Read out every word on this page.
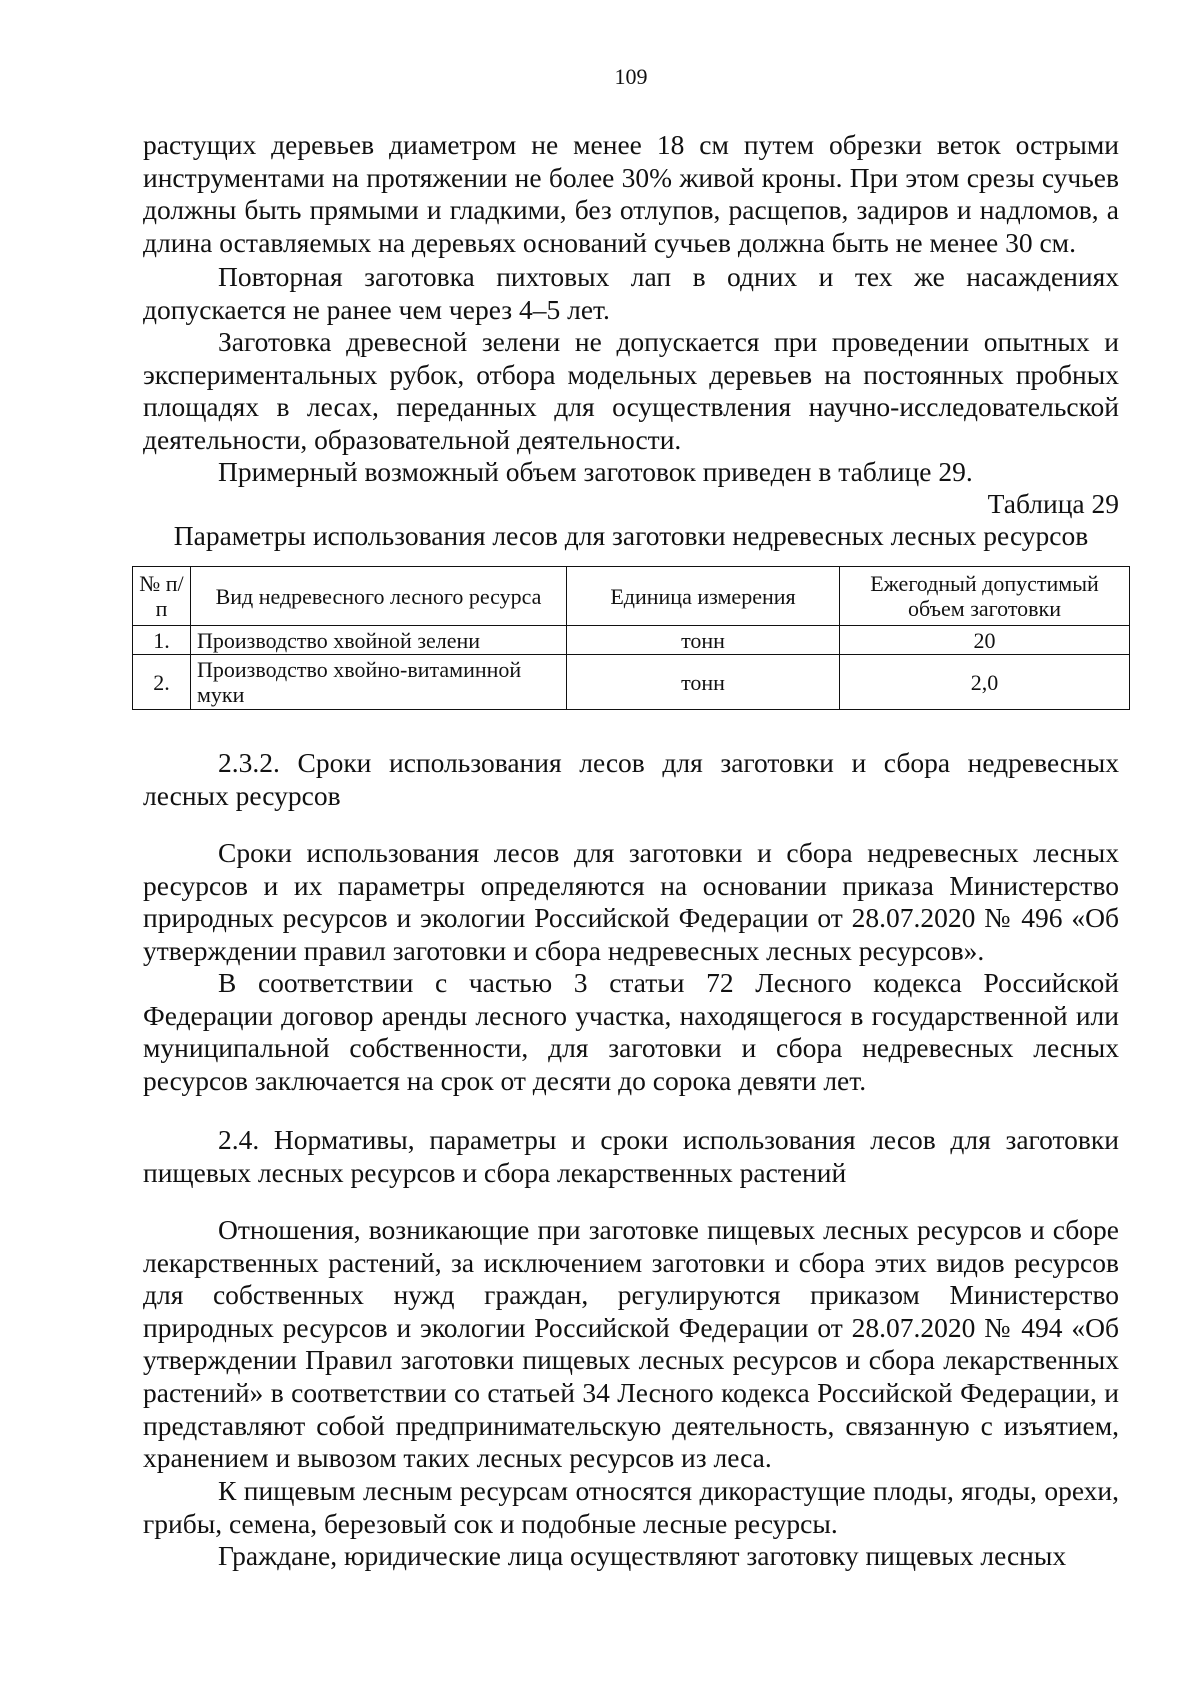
109

растущих деревьев диаметром не менее 18 см путем обрезки веток острыми инструментами на протяжении не более 30% живой кроны. При этом срезы сучьев должны быть прямыми и гладкими, без отлупов, расщепов, задиров и надломов, а длина оставляемых на деревьях оснований сучьев должна быть не менее 30 см.

Повторная заготовка пихтовых лап в одних и тех же насаждениях допускается не ранее чем через 4–5 лет.

Заготовка древесной зелени не допускается при проведении опытных и экспериментальных рубок, отбора модельных деревьев на постоянных пробных площадях в лесах, переданных для осуществления научно-исследовательской деятельности, образовательной деятельности.

Примерный возможный объем заготовок приведен в таблице 29.

Таблица 29
Параметры использования лесов для заготовки недревесных лесных ресурсов
№ п/п	Вид недревесного лесного ресурса	Единица измерения	Ежегодный допустимый объем заготовки
1.	Производство хвойной зелени	тонн	20
2.	Производство хвойно-витаминной муки	тонн	2,0

2.3.2. Сроки использования лесов для заготовки и сбора недревесных лесных ресурсов

Сроки использования лесов для заготовки и сбора недревесных лесных ресурсов и их параметры определяются на основании приказа Министерство природных ресурсов и экологии Российской Федерации от 28.07.2020 № 496 «Об утверждении правил заготовки и сбора недревесных лесных ресурсов».

В соответствии с частью 3 статьи 72 Лесного кодекса Российской Федерации договор аренды лесного участка, находящегося в государственной или муниципальной собственности, для заготовки и сбора недревесных лесных ресурсов заключается на срок от десяти до сорока девяти лет.

2.4. Нормативы, параметры и сроки использования лесов для заготовки пищевых лесных ресурсов и сбора лекарственных растений

Отношения, возникающие при заготовке пищевых лесных ресурсов и сборе лекарственных растений, за исключением заготовки и сбора этих видов ресурсов для собственных нужд граждан, регулируются приказом Министерство природных ресурсов и экологии Российской Федерации от 28.07.2020 № 494 «Об утверждении Правил заготовки пищевых лесных ресурсов и сбора лекарственных растений» в соответствии со статьей 34 Лесного кодекса Российской Федерации, и представляют собой предпринимательскую деятельность, связанную с изъятием, хранением и вывозом таких лесных ресурсов из леса.

К пищевым лесным ресурсам относятся дикорастущие плоды, ягоды, орехи, грибы, семена, березовый сок и подобные лесные ресурсы.

Граждане, юридические лица осуществляют заготовку пищевых лесных
